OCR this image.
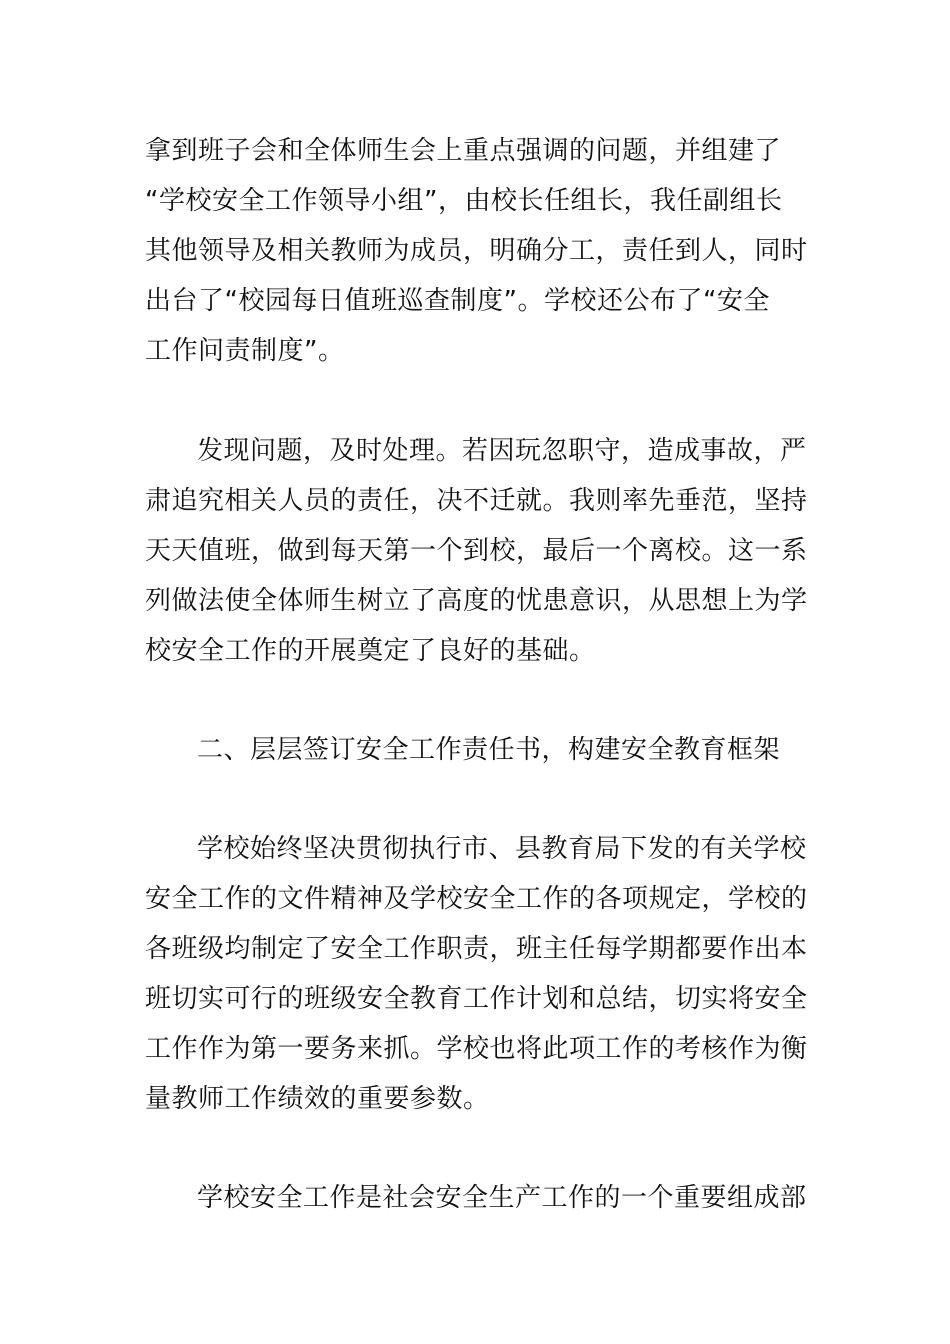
拿到班子会和全体师生会上重点强调的问题，并组建了
“学校安全工作领导小组”，由校长任组长，我任副组长
其他领导及相关教师为成员，明确分工，责任到人，同时
出台了“校园每日值班巡查制度”。学校还公布了“安全
工作问责制度”。
发现问题，及时处理。若因玩忽职守，造成事故，严
肃追究相关人员的责任，决不迁就。我则率先垂范，坚持
天天值班，做到每天第一个到校，最后一个离校。这一系
列做法使全体师生树立了高度的忧患意识，从思想上为学
校安全工作的开展奠定了良好的基础。
二、层层签订安全工作责任书，构建安全教育框架
学校始终坚决贯彻执行市、县教育局下发的有关学校
安全工作的文件精神及学校安全工作的各项规定，学校的
各班级均制定了安全工作职责，班主任每学期都要作出本
班切实可行的班级安全教育工作计划和总结，切实将安全
工作作为第一要务来抓。学校也将此项工作的考核作为衡
量教师工作绩效的重要参数。
学校安全工作是社会安全生产工作的一个重要组成部
